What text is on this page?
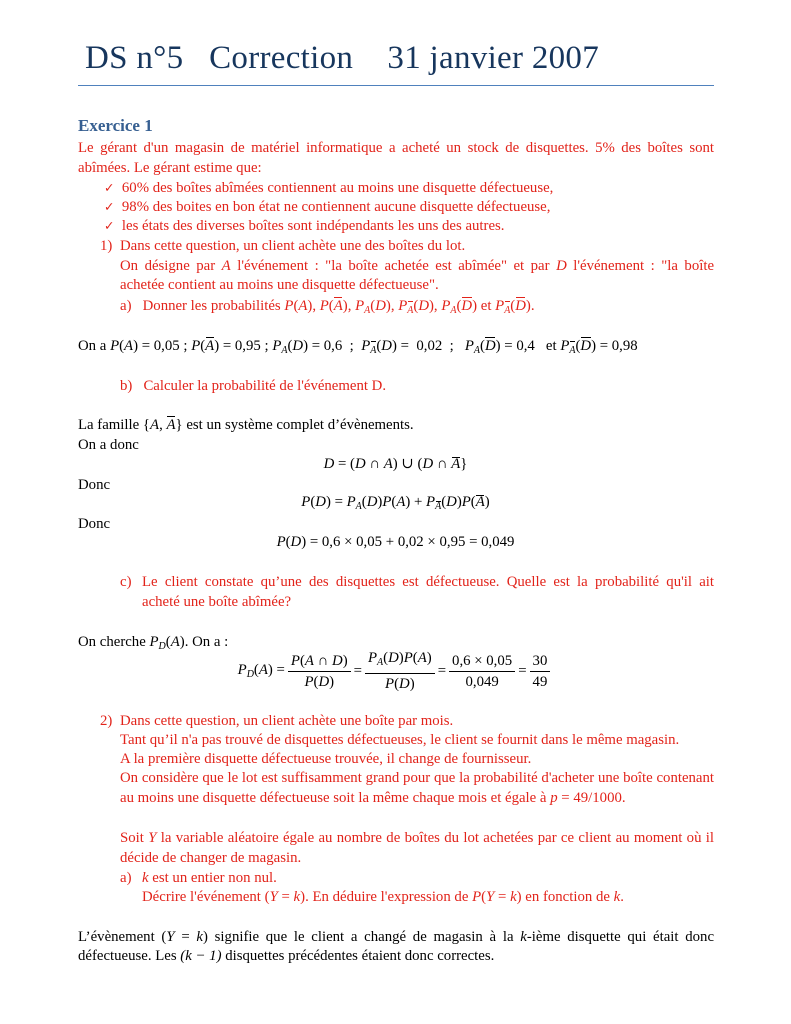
DS n°5   Correction    31 janvier 2007
Exercice 1
Le gérant d'un magasin de matériel informatique a acheté un stock de disquettes. 5% des boîtes sont abîmées. Le gérant estime que:
✓ 60% des boîtes abîmées contiennent au moins une disquette défectueuse,
✓ 98% des boites en bon état ne contiennent aucune disquette défectueuse,
✓ les états des diverses boîtes sont indépendants les uns des autres.
1) Dans cette question, un client achète une des boîtes du lot.
On désigne par A l'événement : "la boîte achetée est abîmée" et par D l'événement : "la boîte
achetée contient au moins une disquette défectueuse".
a) Donner les probabilités P(A), P(A), $P_A(D)$, $P_A(D)$, $P_A(D)$ et $P_A(D)$.
On a P(A) = 0,05 ; P(A) = 0,95 ; $P_A(D) = 0,6$  ;  $P_A(D) = 0,02$  ;   $P_A(D) = 0,4$ et $P_A(D) = 0,98$
b) Calculer la probabilité de l'événement D.
La famille {A, A} est un système complet d’évènements.
On a donc
D = (D ∩ A) ∪ (D ∩ A}
Donc
$P(D) = P_A(D)P(A) + P_A(D)P(A)$
Donc
P(D) = 0,6 × 0,05 + 0,02 × 0,95 = 0,049
c) Le client constate qu’une des disquettes est défectueuse. Quelle est la probabilité qu'il ait
acheté une boîte abîmée?
On cherche $P_D(A)$. On a :
$P_D(A) = \frac{P(A \cap D)}{P(D)} = \frac{P_A(D)P(A)}{P(D)} = \frac{0,6 \times 0,05}{0,049} = \frac{30}{49}$
2) Dans cette question, un client achète une boîte par mois.
Tant qu’il n'a pas trouvé de disquettes défectueuses, le client se fournit dans le même magasin.
A la première disquette défectueuse trouvée, il change de fournisseur.
On considère que le lot est suffisamment grand pour que la probabilité d'acheter une boîte contenant au moins une disquette défectueuse soit la même chaque mois et égale à p = 49/1000.
Soit Y la variable aléatoire égale au nombre de boîtes du lot achetées par ce client au moment où il décide de changer de magasin.
a) k est un entier non nul.
Décrire l'événement (Y = k). En déduire l'expression de P(Y = k) en fonction de k.
L’évènement (Y = k) signifie que le client a changé de magasin à la k-ième disquette qui était donc
défectueuse. Les (k − 1) disquettes précédentes étaient donc correctes.
